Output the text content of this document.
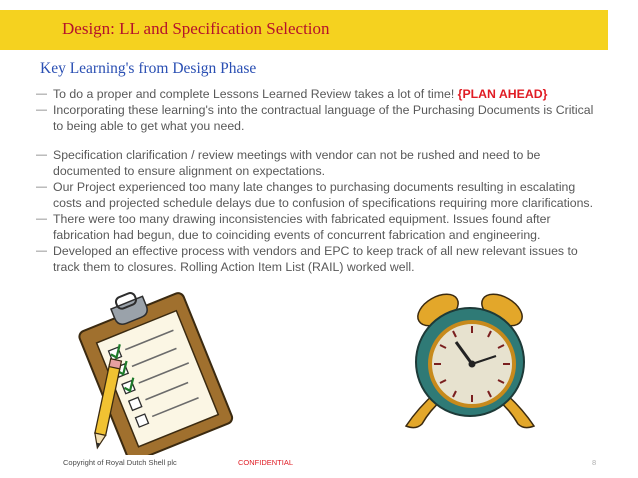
Design: LL and Specification Selection
Key Learning's from Design Phase
— To do a proper and complete Lessons Learned Review takes a lot of time! {PLAN AHEAD}
— Incorporating these learning's into the contractual language of the Purchasing Documents is Critical to being able to get what you need.
— Specification clarification / review meetings with vendor can not be rushed and need to be documented to ensure alignment on expectations.
— Our Project experienced too many late changes to purchasing documents resulting in escalating costs and projected schedule delays due to confusion of specifications requiring more clarifications.
— There were too many drawing inconsistencies with fabricated equipment. Issues found after fabrication had begun, due to coinciding events of concurrent fabrication and engineering.
— Developed an effective process with vendors and EPC to keep track of all new relevant issues to track them to closures. Rolling Action Item List (RAIL) worked well.
Copyright of Royal Dutch Shell plc	CONFIDENTIAL	8
